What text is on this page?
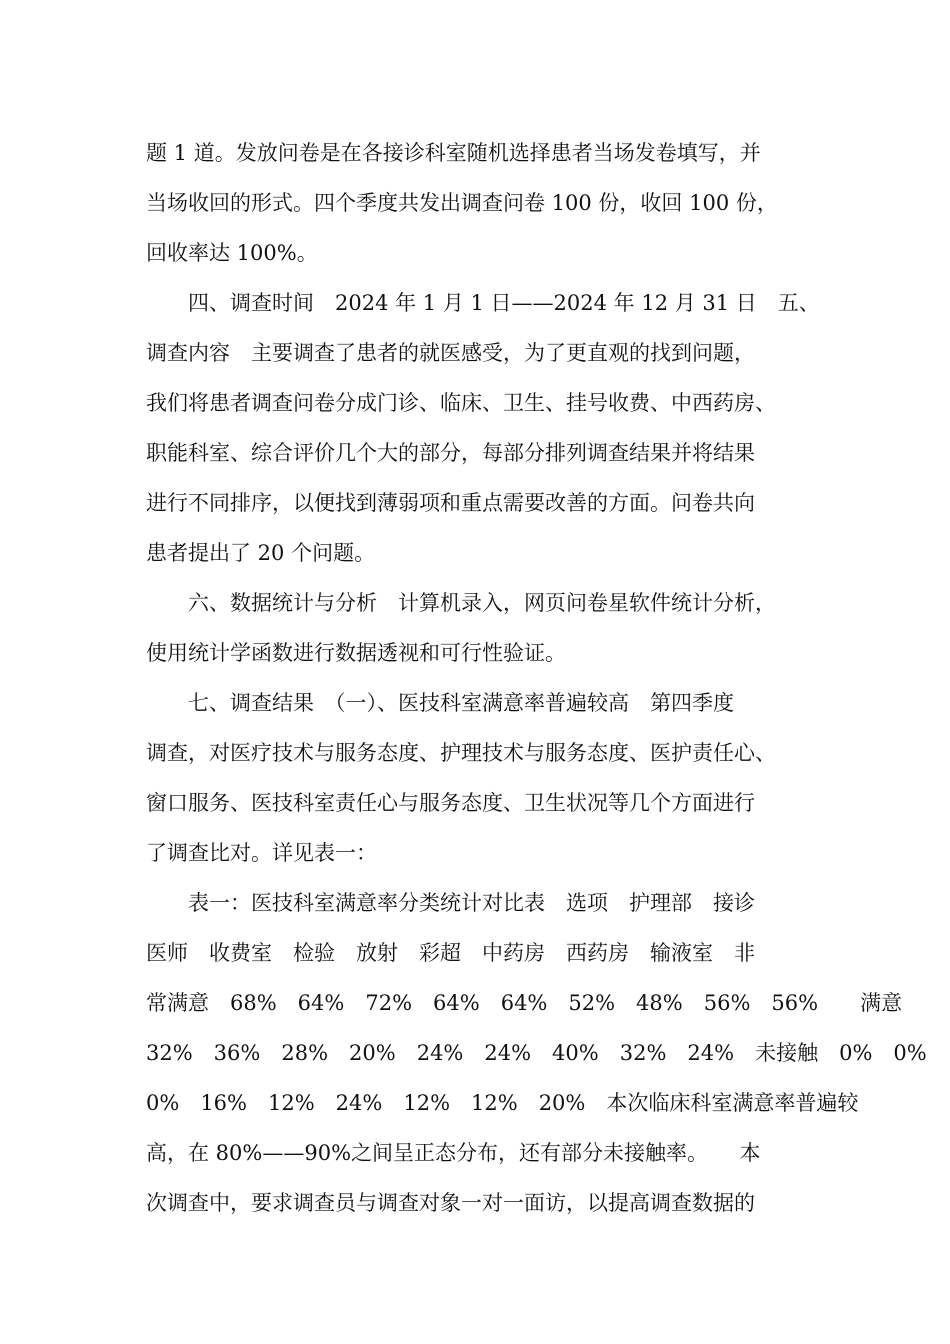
题 1 道。发放问卷是在各接诊科室随机选择患者当场发卷填写，并
当场收回的形式。四个季度共发出调查问卷 100 份，收回 100 份，
回收率达 100%。
　　四、调查时间　2024 年 1 月 1 日——2024 年 12 月 31 日　五、
调查内容　主要调查了患者的就医感受，为了更直观的找到问题，
我们将患者调查问卷分成门诊、临床、卫生、挂号收费、中西药房、
职能科室、综合评价几个大的部分，每部分排列调查结果并将结果
进行不同排序，以便找到薄弱项和重点需要改善的方面。问卷共向
患者提出了 20 个问题。
　　六、数据统计与分析　计算机录入，网页问卷星软件统计分析，
使用统计学函数进行数据透视和可行性验证。
　　七、调查结果　（一）、医技科室满意率普遍较高　第四季度
调查，对医疗技术与服务态度、护理技术与服务态度、医护责任心、
窗口服务、医技科室责任心与服务态度、卫生状况等几个方面进行
了调查比对。详见表一：
　　表一：医技科室满意率分类统计对比表　选项　护理部　接诊
医师　收费室　检验　放射　彩超　中药房　西药房　输液室　非
常满意　68%　64%　72%　64%　64%　52%　48%　56%　56%　　满意
32%　36%　28%　20%　24%　24%　40%　32%　24%　未接触　0%　0%
0%　16%　12%　24%　12%　12%　20%　本次临床科室满意率普遍较
高，在 80%——90%之间呈正态分布，还有部分未接触率。　　本
次调查中，要求调查员与调查对象一对一面访，以提高调查数据的
